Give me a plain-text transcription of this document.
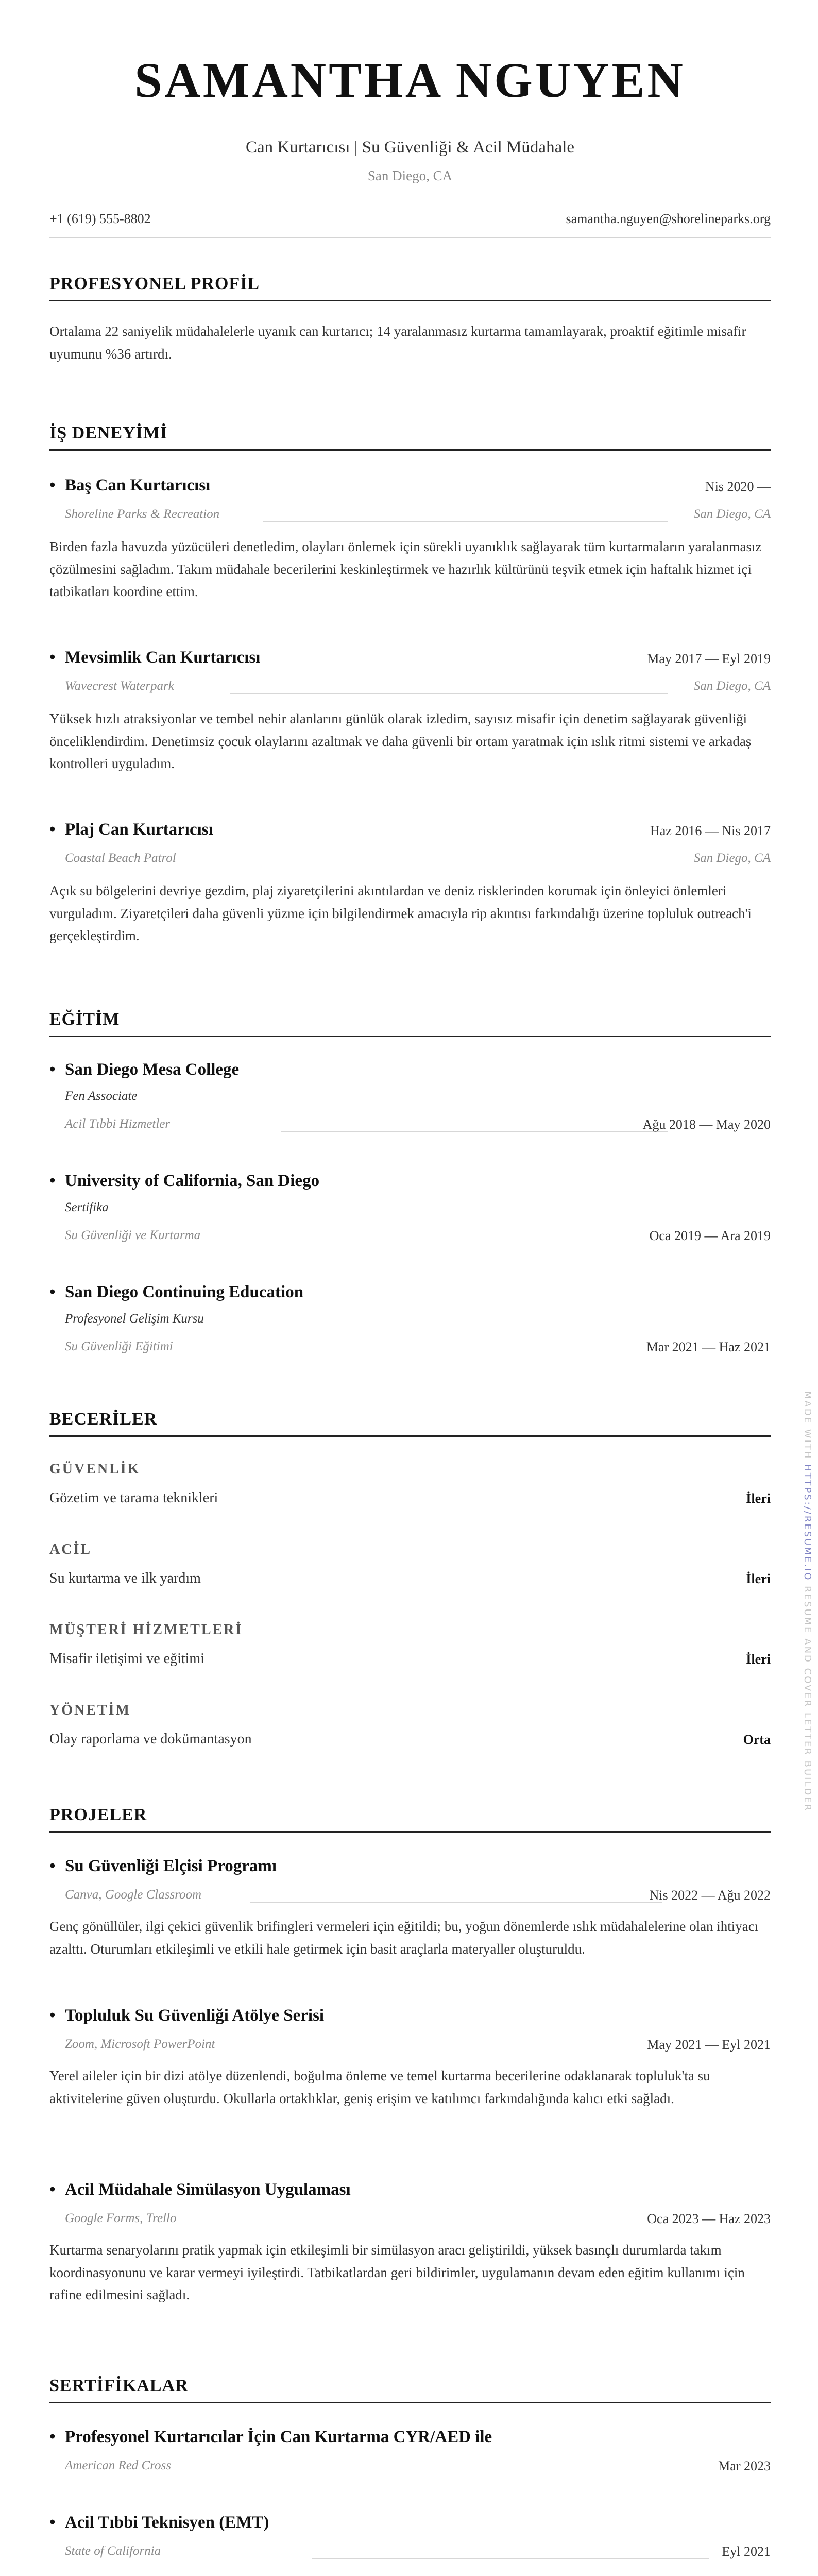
SAMANTHA NGUYEN
Can Kurtarıcısı | Su Güvenliği & Acil Müdahale
San Diego, CA
+1 (619) 555-8802	samantha.nguyen@shorelineparks.org
PROFESYONEL PROFİL
Ortalama 22 saniyelik müdahalelerle uyanık can kurtarıcı; 14 yaralanmasız kurtarma tamamlayarak, proaktif eğitimle misafir uyumunu %36 artırdı.
İŞ DENEYİMİ
• Baş Can Kurtarıcısı	Nis 2020 —
Shoreline Parks & Recreation	San Diego, CA
Birden fazla havuzda yüzücüleri denetledim, olayları önlemek için sürekli uyanıklık sağlayarak tüm kurtarmaların yaralanmasız çözülmesini sağladım. Takım müdahale becerilerini keskinleştirmek ve hazırlık kültürünü teşvik etmek için haftalık hizmet içi tatbikatları koordine ettim.
• Mevsimlik Can Kurtarıcısı	May 2017 — Eyl 2019
Wavecrest Waterpark	San Diego, CA
Yüksek hızlı atraksiyonlar ve tembel nehir alanlarını günlük olarak izledim, sayısız misafir için denetim sağlayarak güvenliği önceliklendirdim. Denetimsiz çocuk olaylarını azaltmak ve daha güvenli bir ortam yaratmak için ıslık ritmi sistemi ve arkadaş kontrolleri uyguladım.
• Plaj Can Kurtarıcısı	Haz 2016 — Nis 2017
Coastal Beach Patrol	San Diego, CA
Açık su bölgelerini devriye gezdim, plaj ziyaretçilerini akıntılardan ve deniz risklerinden korumak için önleyici önlemleri vurguladım. Ziyaretçileri daha güvenli yüzme için bilgilendirmek amacıyla rip akıntısı farkındalığı üzerine topluluk outreach'i gerçekleştirdim.
EĞİTİM
• San Diego Mesa College
Fen Associate
Acil Tıbbi Hizmetler	Ağu 2018 — May 2020
• University of California, San Diego
Sertifika
Su Güvenliği ve Kurtarma	Oca 2019 — Ara 2019
• San Diego Continuing Education
Profesyonel Gelişim Kursu
Su Güvenliği Eğitimi	Mar 2021 — Haz 2021
BECERİLER
GÜVENLİK
Gözetim ve tarama teknikleri	İleri
ACİL
Su kurtarma ve ilk yardım	İleri
MÜŞTERİ HİZMETLERİ
Misafir iletişimi ve eğitimi	İleri
YÖNETİM
Olay raporlama ve dokümantasyon	Orta
PROJELER
• Su Güvenliği Elçisi Programı
Canva, Google Classroom	Nis 2022 — Ağu 2022
Genç gönüllüler, ilgi çekici güvenlik brifingleri vermeleri için eğitildi; bu, yoğun dönemlerde ıslık müdahalelerine olan ihtiyacı azalttı. Oturumları etkileşimli ve etkili hale getirmek için basit araçlarla materyaller oluşturuldu.
• Topluluk Su Güvenliği Atölye Serisi
Zoom, Microsoft PowerPoint	May 2021 — Eyl 2021
Yerel aileler için bir dizi atölye düzenlendi, boğulma önleme ve temel kurtarma becerilerine odaklanarak topluluk'ta su aktivitelerine güven oluşturdu. Okullarla ortaklıklar, geniş erişim ve katılımcı farkındalığında kalıcı etki sağladı.
• Acil Müdahale Simülasyon Uygulaması
Google Forms, Trello	Oca 2023 — Haz 2023
Kurtarma senaryolarını pratik yapmak için etkileşimli bir simülasyon aracı geliştirildi, yüksek basınçlı durumlarda takım koordinasyonunu ve karar vermeyi iyileştirdi. Tatbikatlardan geri bildirimler, uygulamanın devam eden eğitim kullanımı için rafine edilmesini sağladı.
SERTİFİKALAR
• Profesyonel Kurtarıcılar İçin Can Kurtarma CYR/AED ile
American Red Cross	Mar 2023
• Acil Tıbbi Teknisyen (EMT)
State of California	Eyl 2021
MADE WITH HTTPS://RESUME.IO RESUME AND COVER LETTER BUILDER
